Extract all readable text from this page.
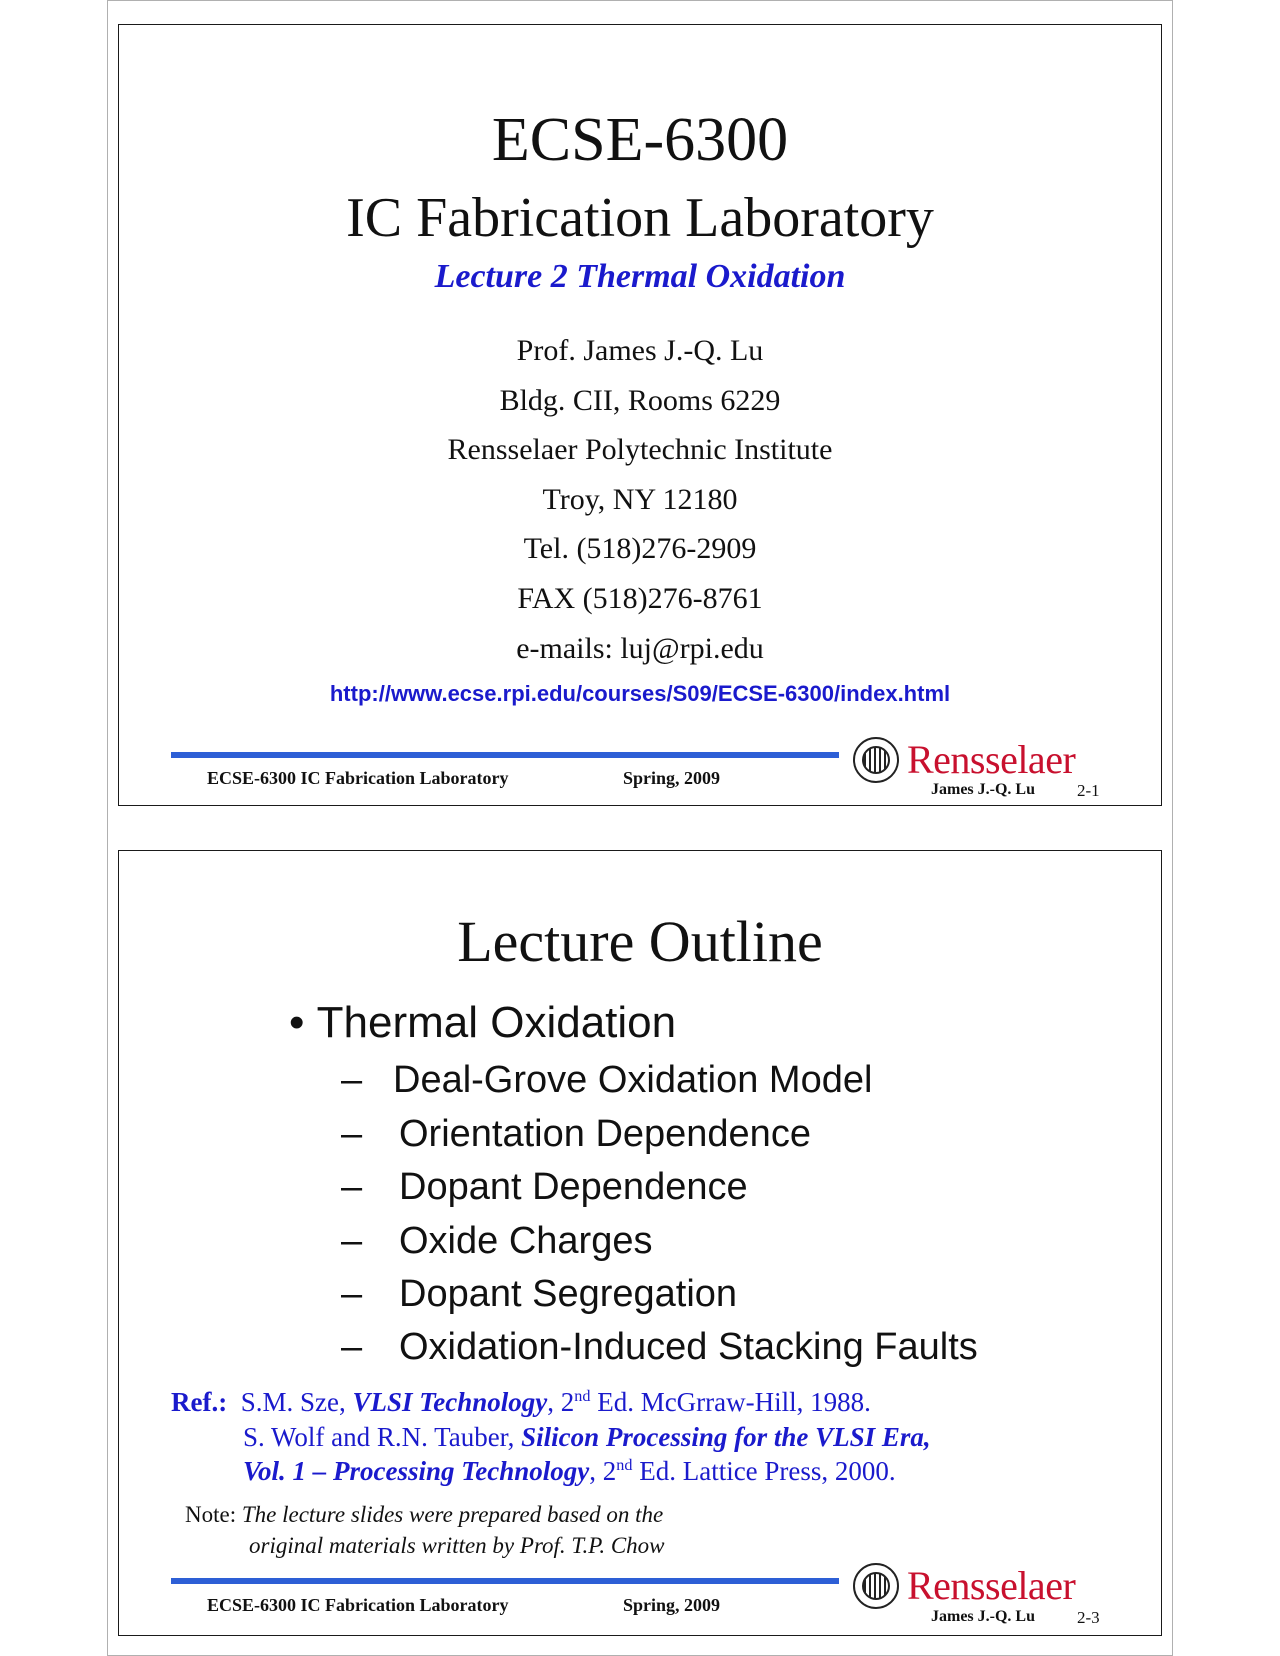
ECSE-6300
IC Fabrication Laboratory
Lecture 2 Thermal Oxidation
Prof. James J.-Q. Lu
Bldg. CII, Rooms 6229
Rensselaer Polytechnic Institute
Troy, NY 12180
Tel. (518)276-2909
FAX (518)276-8761
e-mails: luj@rpi.edu
http://www.ecse.rpi.edu/courses/S09/ECSE-6300/index.html
ECSE-6300 IC Fabrication Laboratory	Spring, 2009	Rensselaer
James J.-Q. Lu 2-1
Lecture Outline
• Thermal Oxidation
– Deal-Grove Oxidation Model
– Orientation Dependence
– Dopant Dependence
– Oxide Charges
– Dopant Segregation
– Oxidation-Induced Stacking Faults
Ref.: S.M. Sze, VLSI Technology, 2nd Ed. McGrraw-Hill, 1988.
S. Wolf and R.N. Tauber, Silicon Processing for the VLSI Era,
Vol. 1 – Processing Technology, 2nd Ed. Lattice Press, 2000.
Note: The lecture slides were prepared based on the
original materials written by Prof. T.P. Chow
ECSE-6300 IC Fabrication Laboratory	Spring, 2009	Rensselaer
James J.-Q. Lu 2-3
